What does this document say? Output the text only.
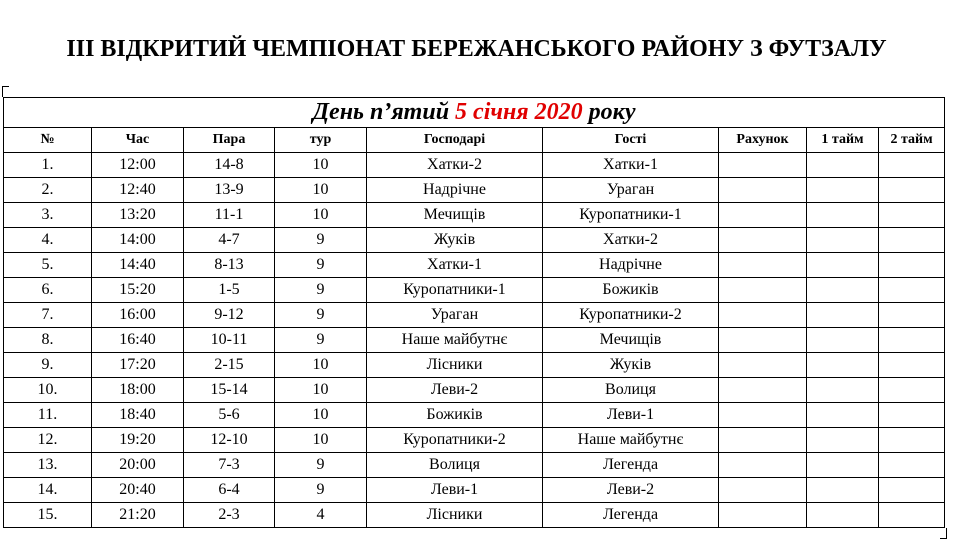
ІІІ ВІДКРИТИЙ ЧЕМПІОНАТ БЕРЕЖАНСЬКОГО РАЙОНУ З ФУТЗАЛУ
День п’ятий 5 січня 2020 року								
№	Час	Пара	тур	Господарі	Гості	Рахунок	1 тайм	2 тайм
1.	12:00	14-8	10	Хатки-2	Хатки-1			
2.	12:40	13-9	10	Надрічне	Ураган			
3.	13:20	11-1	10	Мечищів	Куропатники-1			
4.	14:00	4-7	9	Жуків	Хатки-2			
5.	14:40	8-13	9	Хатки-1	Надрічне			
6.	15:20	1-5	9	Куропатники-1	Божиків			
7.	16:00	9-12	9	Ураган	Куропатники-2			
8.	16:40	10-11	9	Наше майбутнє	Мечищів			
9.	17:20	2-15	10	Лісники	Жуків			
10.	18:00	15-14	10	Леви-2	Волиця			
11.	18:40	5-6	10	Божиків	Леви-1			
12.	19:20	12-10	10	Куропатники-2	Наше майбутнє			
13.	20:00	7-3	9	Волиця	Легенда			
14.	20:40	6-4	9	Леви-1	Леви-2			
15.	21:20	2-3	4	Лісники	Легенда			
